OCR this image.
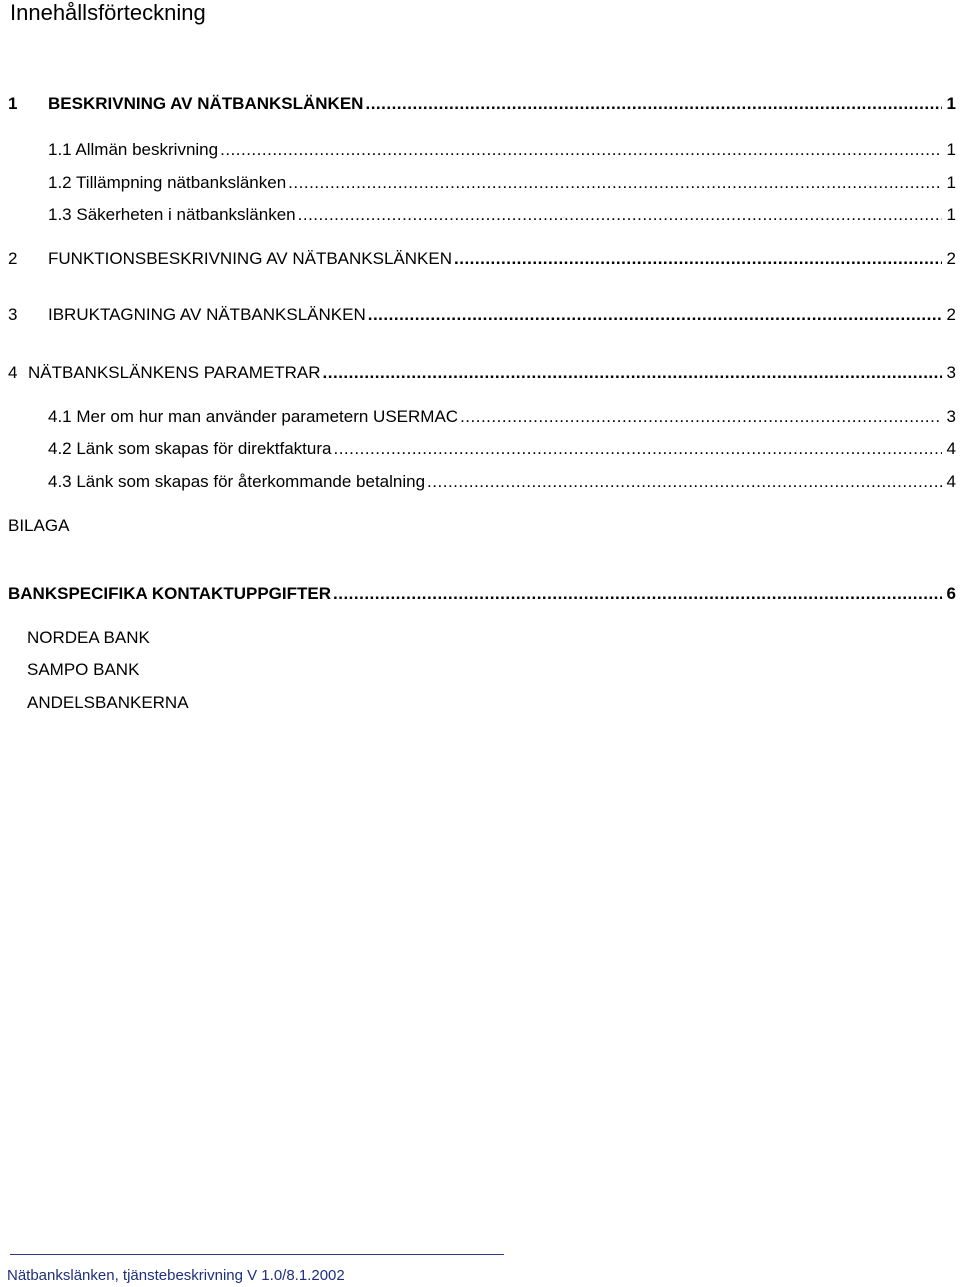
Innehållsförteckning
1	BESKRIVNING AV NÄTBANKSLÄNKEN .....	1
1.1 Allmän beskrivning .....	1
1.2 Tillämpning nätbankslänken .....	1
1.3 Säkerheten i nätbankslänken .....	1
2	FUNKTIONSBESKRIVNING AV NÄTBANKSLÄNKEN .....	2
3	IBRUKTAGNING AV NÄTBANKSLÄNKEN .....	2
4 NÄTBANKSLÄNKENS PARAMETRAR .....	3
4.1 Mer om hur man använder parametern USERMAC .....	3
4.2 Länk som skapas för direktfaktura .....	4
4.3 Länk som skapas för återkommande betalning .....	4
BILAGA
BANKSPECIFIKA KONTAKTUPPGIFTER .....	6
NORDEA BANK
SAMPO BANK
ANDELSBANKERNA
Nätbankslänken, tjänstebeskrivning V 1.0/8.1.2002
